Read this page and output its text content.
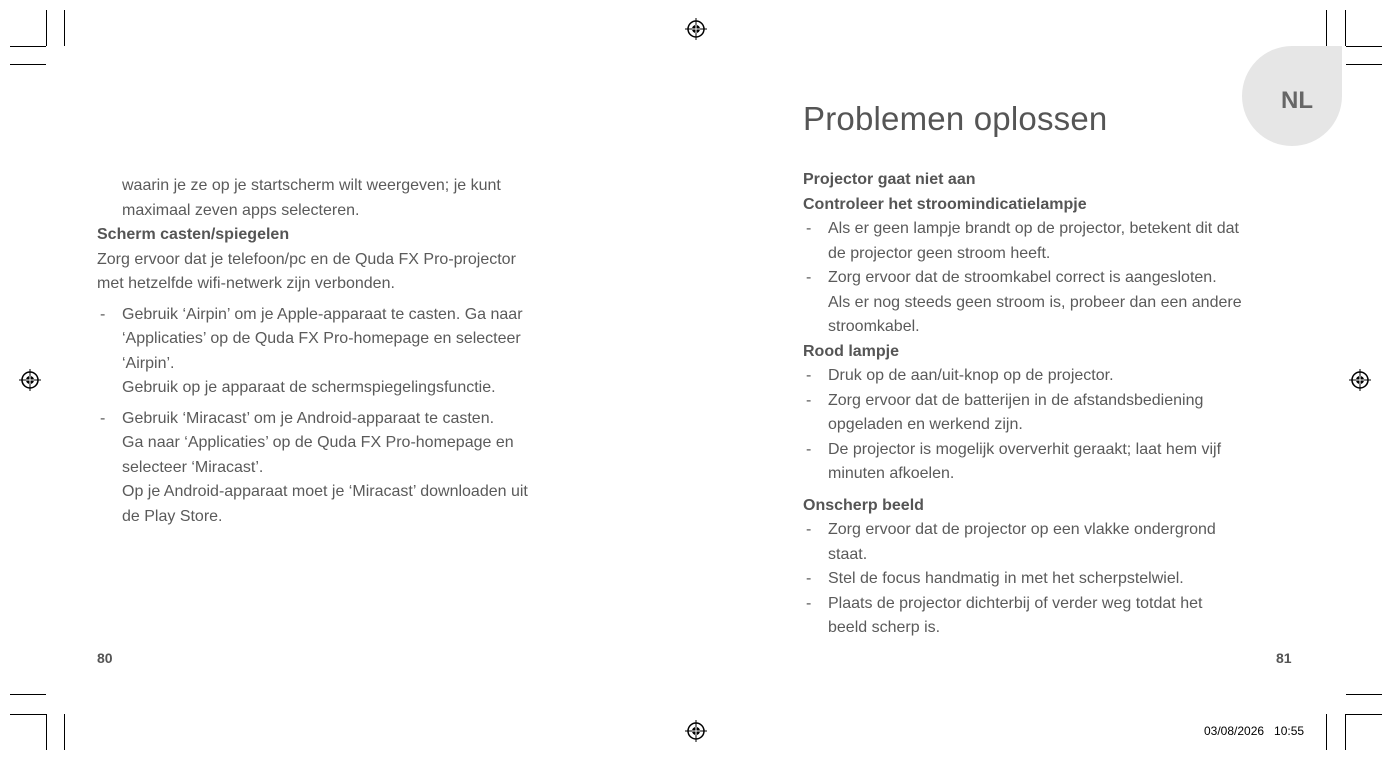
NL
Problemen oplossen

waarin je ze op je startscherm wilt weergeven; je kunt

maximaal zeven apps selecteren.

Scherm casten/spiegelen

Zorg ervoor dat je telefoon/pc en de Quda FX Pro-projector

met hetzelfde wifi-netwerk zijn verbonden.

- Gebruik ‘Airpin’ om je Apple-apparaat te casten. Ga naar
‘Applicaties’ op de Quda FX Pro-homepage en selecteer
‘Airpin’.
Gebruik op je apparaat de schermspiegelingsfunctie.
- Gebruik ‘Miracast’ om je Android-apparaat te casten.
Ga naar ‘Applicaties’ op de Quda FX Pro-homepage en
selecteer ‘Miracast’.
Op je Android-apparaat moet je ‘Miracast’ downloaden uit
de Play Store.

Projector gaat niet aan

Controleer het stroomindicatielampje

- Als er geen lampje brandt op de projector, betekent dit dat
de projector geen stroom heeft.
- Zorg ervoor dat de stroomkabel correct is aangesloten.
Als er nog steeds geen stroom is, probeer dan een andere
stroomkabel.

Rood lampje

- Druk op de aan/uit-knop op de projector.
- Zorg ervoor dat de batterijen in de afstandsbediening
opgeladen en werkend zijn.
- De projector is mogelijk oververhit geraakt; laat hem vijf
minuten afkoelen.

Onscherp beeld

- Zorg ervoor dat de projector op een vlakke ondergrond
staat.
- Stel de focus handmatig in met het scherpstelwiel.
- Plaats de projector dichterbij of verder weg totdat het
beeld scherp is.
80	81
03/08/2026   10:55
